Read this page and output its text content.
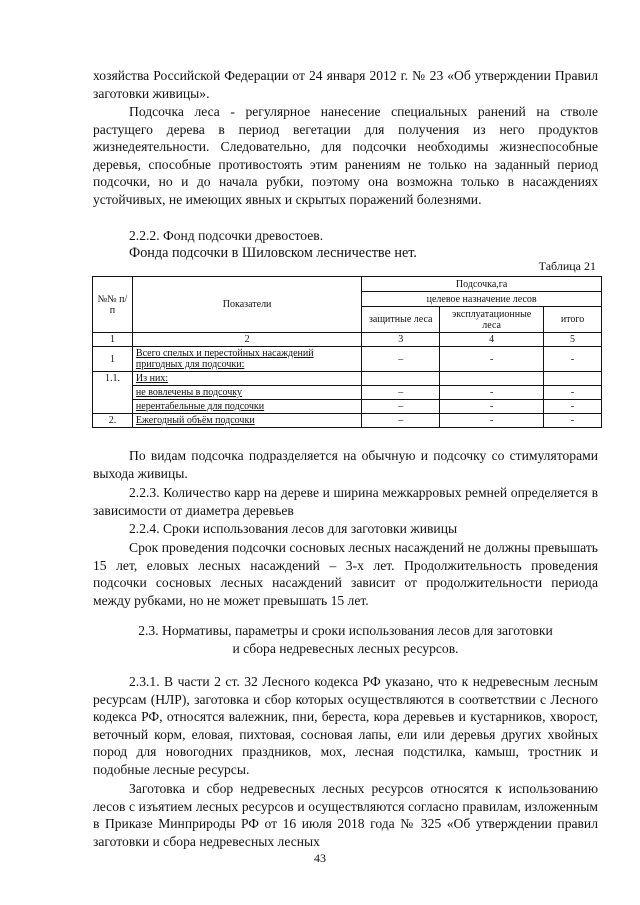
хозяйства Российской Федерации от 24 января 2012 г. № 23 «Об утверждении Правил заготовки живицы».
Подсочка леса - регулярное нанесение специальных ранений на стволе растущего дерева в период вегетации для получения из него продуктов жизнедеятельности. Следовательно, для подсочки необходимы жизнеспособные деревья, способные противостоять этим ранениям не только на заданный период подсочки, но и до начала рубки, поэтому она возможна только в насаждениях устойчивых, не имеющих явных и скрытых поражений болезнями.
2.2.2. Фонд подсочки древостоев.
Фонда подсочки в Шиловском лесничестве нет.
Таблица 21
№№ п/п	Показатели	Подсочка,га		
		целевое назначение лесов		
		защитные леса	эксплуатационные леса	итого
1	2	3	4	5
1	Всего спелых и перестойных насаждений пригодных для подсочки:	–	-	-
1.1.	Из них:			
	не вовлечены в подсочку	–	-	-
	нерентабельные для подсочки	–	-	-
2.	Ежегодный объём подсочки	–	-	-
По видам подсочка подразделяется на обычную и подсочку со стимуляторами выхода живицы.
2.2.3. Количество карр на дереве и ширина межкарровых ремней определяется в зависимости от диаметра деревьев
2.2.4. Сроки использования лесов для заготовки живицы
Срок проведения подсочки сосновых лесных насаждений не должны превышать 15 лет, еловых лесных насаждений – 3-х лет. Продолжительность проведения подсочки сосновых лесных насаждений зависит от продолжительности периода между рубками, но не может превышать 15 лет.
2.3. Нормативы, параметры и сроки использования лесов для заготовки
и сбора недревесных лесных ресурсов.
2.3.1. В части 2 ст. 32 Лесного кодекса РФ указано, что к недревесным лесным ресурсам (НЛР), заготовка и сбор которых осуществляются в соответствии с Лесного кодекса РФ, относятся валежник, пни, береста, кора деревьев и кустарников, хворост, веточный корм, еловая, пихтовая, сосновая лапы, ели или деревья других хвойных пород для новогодних праздников, мох, лесная подстилка, камыш, тростник и подобные лесные ресурсы.
Заготовка и сбор недревесных лесных ресурсов относятся к использованию лесов с изъятием лесных ресурсов и осуществляются согласно правилам, изложенным в Приказе Минприроды РФ от 16 июля 2018 года № 325 «Об утверждении правил заготовки и сбора недревесных лесных
43
